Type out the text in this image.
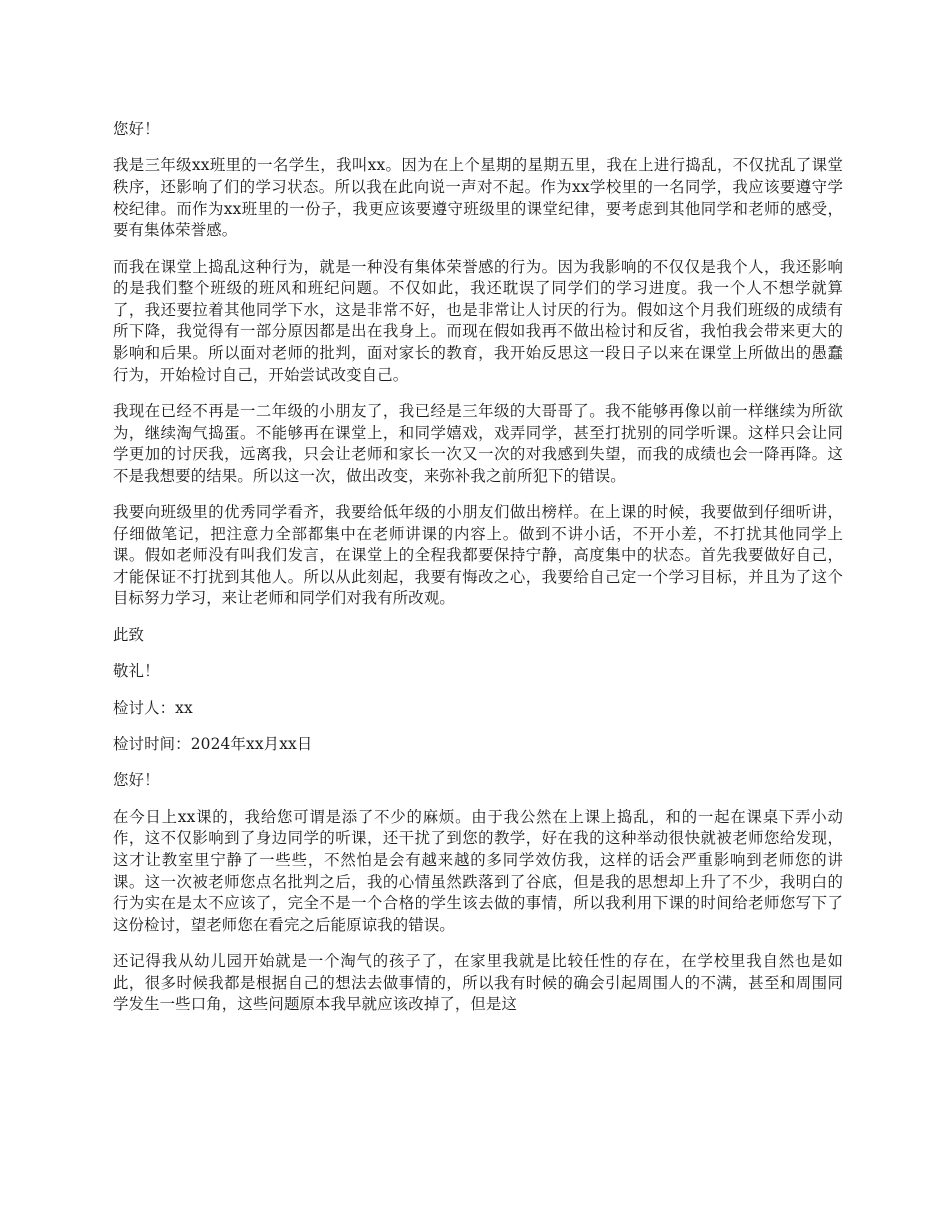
您好！

我是三年级xx班里的一名学生，我叫xx。因为在上个星期的星期五里，我在上进行捣乱，不仅扰乱了课堂秩序，还影响了们的学习状态。所以我在此向说一声对不起。作为xx学校里的一名同学，我应该要遵守学校纪律。而作为xx班里的一份子，我更应该要遵守班级里的课堂纪律，要考虑到其他同学和老师的感受，要有集体荣誉感。

而我在课堂上捣乱这种行为，就是一种没有集体荣誉感的行为。因为我影响的不仅仅是我个人，我还影响的是我们整个班级的班风和班纪问题。不仅如此，我还耽误了同学们的学习进度。我一个人不想学就算了，我还要拉着其他同学下水，这是非常不好，也是非常让人讨厌的行为。假如这个月我们班级的成绩有所下降，我觉得有一部分原因都是出在我身上。而现在假如我再不做出检讨和反省，我怕我会带来更大的影响和后果。所以面对老师的批判，面对家长的教育，我开始反思这一段日子以来在课堂上所做出的愚蠢行为，开始检讨自己，开始尝试改变自己。

我现在已经不再是一二年级的小朋友了，我已经是三年级的大哥哥了。我不能够再像以前一样继续为所欲为，继续淘气捣蛋。不能够再在课堂上，和同学嬉戏，戏弄同学，甚至打扰别的同学听课。这样只会让同学更加的讨厌我，远离我，只会让老师和家长一次又一次的对我感到失望，而我的成绩也会一降再降。这不是我想要的结果。所以这一次，做出改变，来弥补我之前所犯下的错误。

我要向班级里的优秀同学看齐，我要给低年级的小朋友们做出榜样。在上课的时候，我要做到仔细听讲，仔细做笔记，把注意力全部都集中在老师讲课的内容上。做到不讲小话，不开小差，不打扰其他同学上课。假如老师没有叫我们发言，在课堂上的全程我都要保持宁静，高度集中的状态。首先我要做好自己，才能保证不打扰到其他人。所以从此刻起，我要有悔改之心，我要给自己定一个学习目标，并且为了这个目标努力学习，来让老师和同学们对我有所改观。

此致

敬礼！

检讨人：xx

检讨时间：2024年xx月xx日

您好！

在今日上xx课的，我给您可谓是添了不少的麻烦。由于我公然在上课上捣乱，和的一起在课桌下弄小动作，这不仅影响到了身边同学的听课，还干扰了到您的教学，好在我的这种举动很快就被老师您给发现，这才让教室里宁静了一些些，不然怕是会有越来越的多同学效仿我，这样的话会严重影响到老师您的讲课。这一次被老师您点名批判之后，我的心情虽然跌落到了谷底，但是我的思想却上升了不少，我明白的行为实在是太不应该了，完全不是一个合格的学生该去做的事情，所以我利用下课的时间给老师您写下了这份检讨，望老师您在看完之后能原谅我的错误。

还记得我从幼儿园开始就是一个淘气的孩子了，在家里我就是比较任性的存在，在学校里我自然也是如此，很多时候我都是根据自己的想法去做事情的，所以我有时候的确会引起周围人的不满，甚至和周围同学发生一些口角，这些问题原本我早就应该改掉了，但是这
